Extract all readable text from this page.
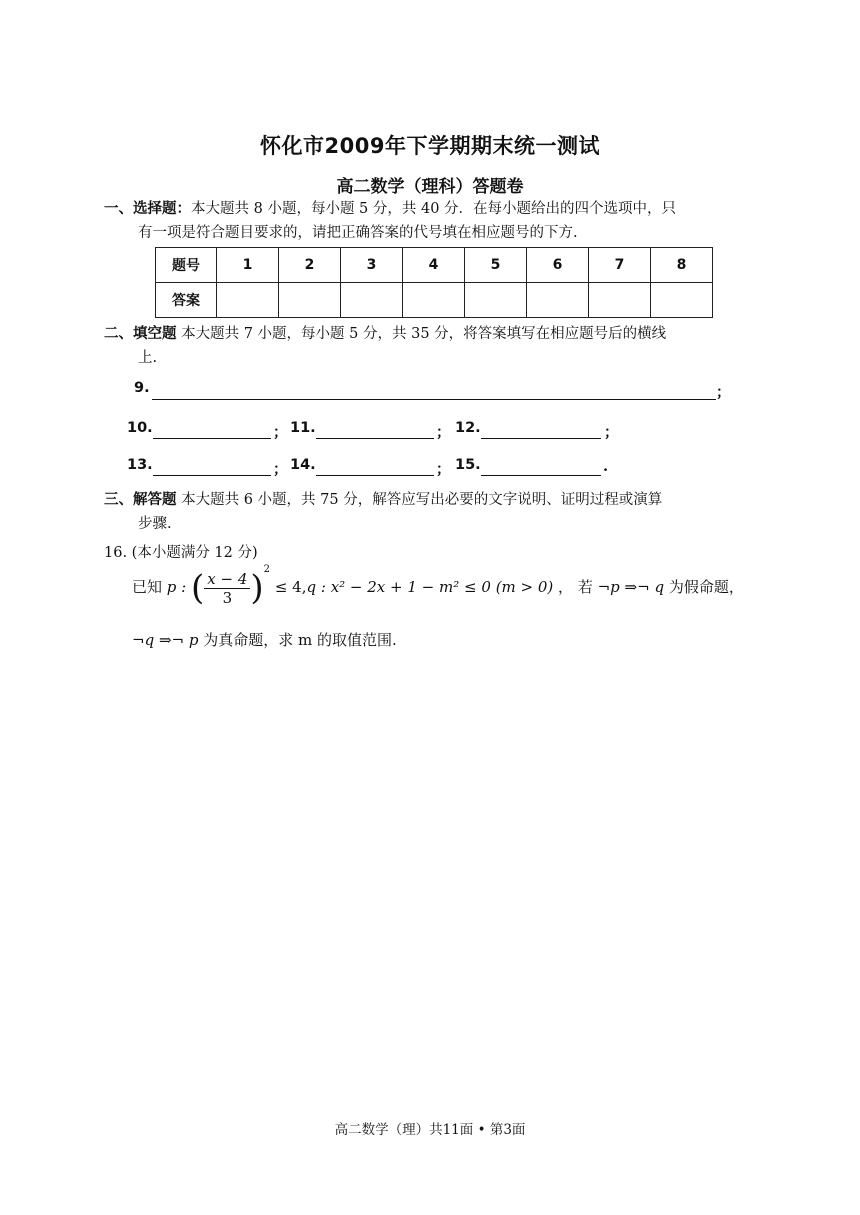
怀化市2009年下学期期末统一测试
高二数学（理科）答题卷
一、选择题：本大题共 8 小题，每小题 5 分，共 40 分．在每小题给出的四个选项中，只
有一项是符合题目要求的，请把正确答案的代号填在相应题号的下方.
题号	1	2	3	4	5	6	7	8
答案								
二、填空题 本大题共 7 小题，每小题 5 分，共 35 分，将答案填写在相应题号后的横线
上.
9.	；
10.	； 11.	； 12.	；
13.	； 14.	； 15.	.
三、解答题 本大题共 6 小题，共 75 分，解答应写出必要的文字说明、证明过程或演算
步骤.
16. (本小题满分 12 分)
已知 p : ( $\frac{x - 4}{3} )^2 \le 4,q$ : x² − 2x + 1 − m² ≤ 0 (m > 0) ， 若 ¬p ⇒¬ q 为假命题，
¬q ⇒¬ p 为真命题，求 m 的取值范围.
高二数学（理）共11面 • 第3面
